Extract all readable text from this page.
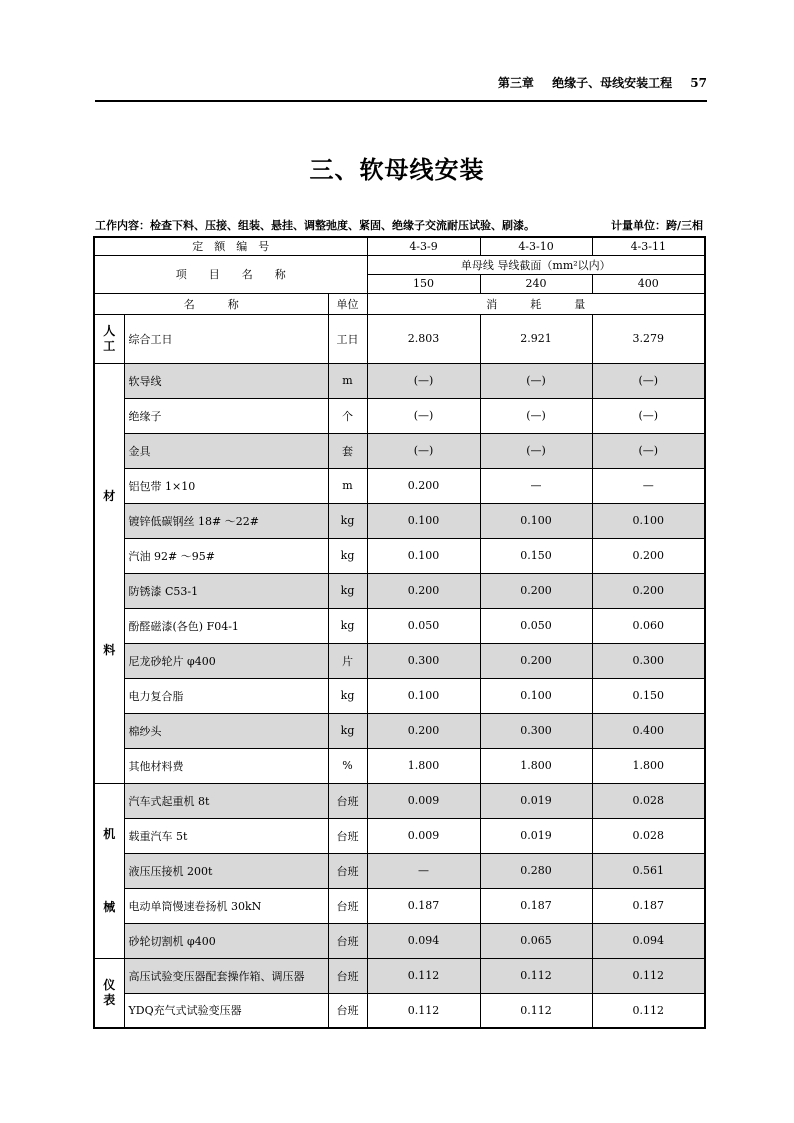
第三章 绝缘子、母线安装工程 57
三、软母线安装
工作内容：检查下料、压接、组装、悬挂、调整弛度、紧固、绝缘子交流耐压试验、刷漆。	计量单位：跨/三相
定　额　编　号			4-3-9	4-3-10	4-3-11
项　　目　　名　　称			单母线 导线截面（mm²以内）		
			150	240	400
名　　　称		单位	消　　　耗　　　量		

人
工	综合工日	工日	2.803	2.921	3.279

材
料	软导线	m	(—)	(—)	(—)
	绝缘子	个	(—)	(—)	(—)
	金具	套	(—)	(—)	(—)
	铝包带 1×10	m	0.200	—	—
	镀锌低碳钢丝 18# ～22#	kg	0.100	0.100	0.100
	汽油 92# ～95#	kg	0.100	0.150	0.200
	防锈漆 C53-1	kg	0.200	0.200	0.200
	酚醛磁漆(各色) F04-1	kg	0.050	0.050	0.060
	尼龙砂轮片 φ400	片	0.300	0.200	0.300
	电力复合脂	kg	0.100	0.100	0.150
	棉纱头	kg	0.200	0.300	0.400
	其他材料费	%	1.800	1.800	1.800

机
械	汽车式起重机 8t	台班	0.009	0.019	0.028
	载重汽车 5t	台班	0.009	0.019	0.028
	液压压接机 200t	台班	—	0.280	0.561
	电动单筒慢速卷扬机 30kN	台班	0.187	0.187	0.187
	砂轮切割机 φ400	台班	0.094	0.065	0.094

仪
表	高压试验变压器配套操作箱、调压器	台班	0.112	0.112	0.112
	YDQ充气式试验变压器	台班	0.112	0.112	0.112
